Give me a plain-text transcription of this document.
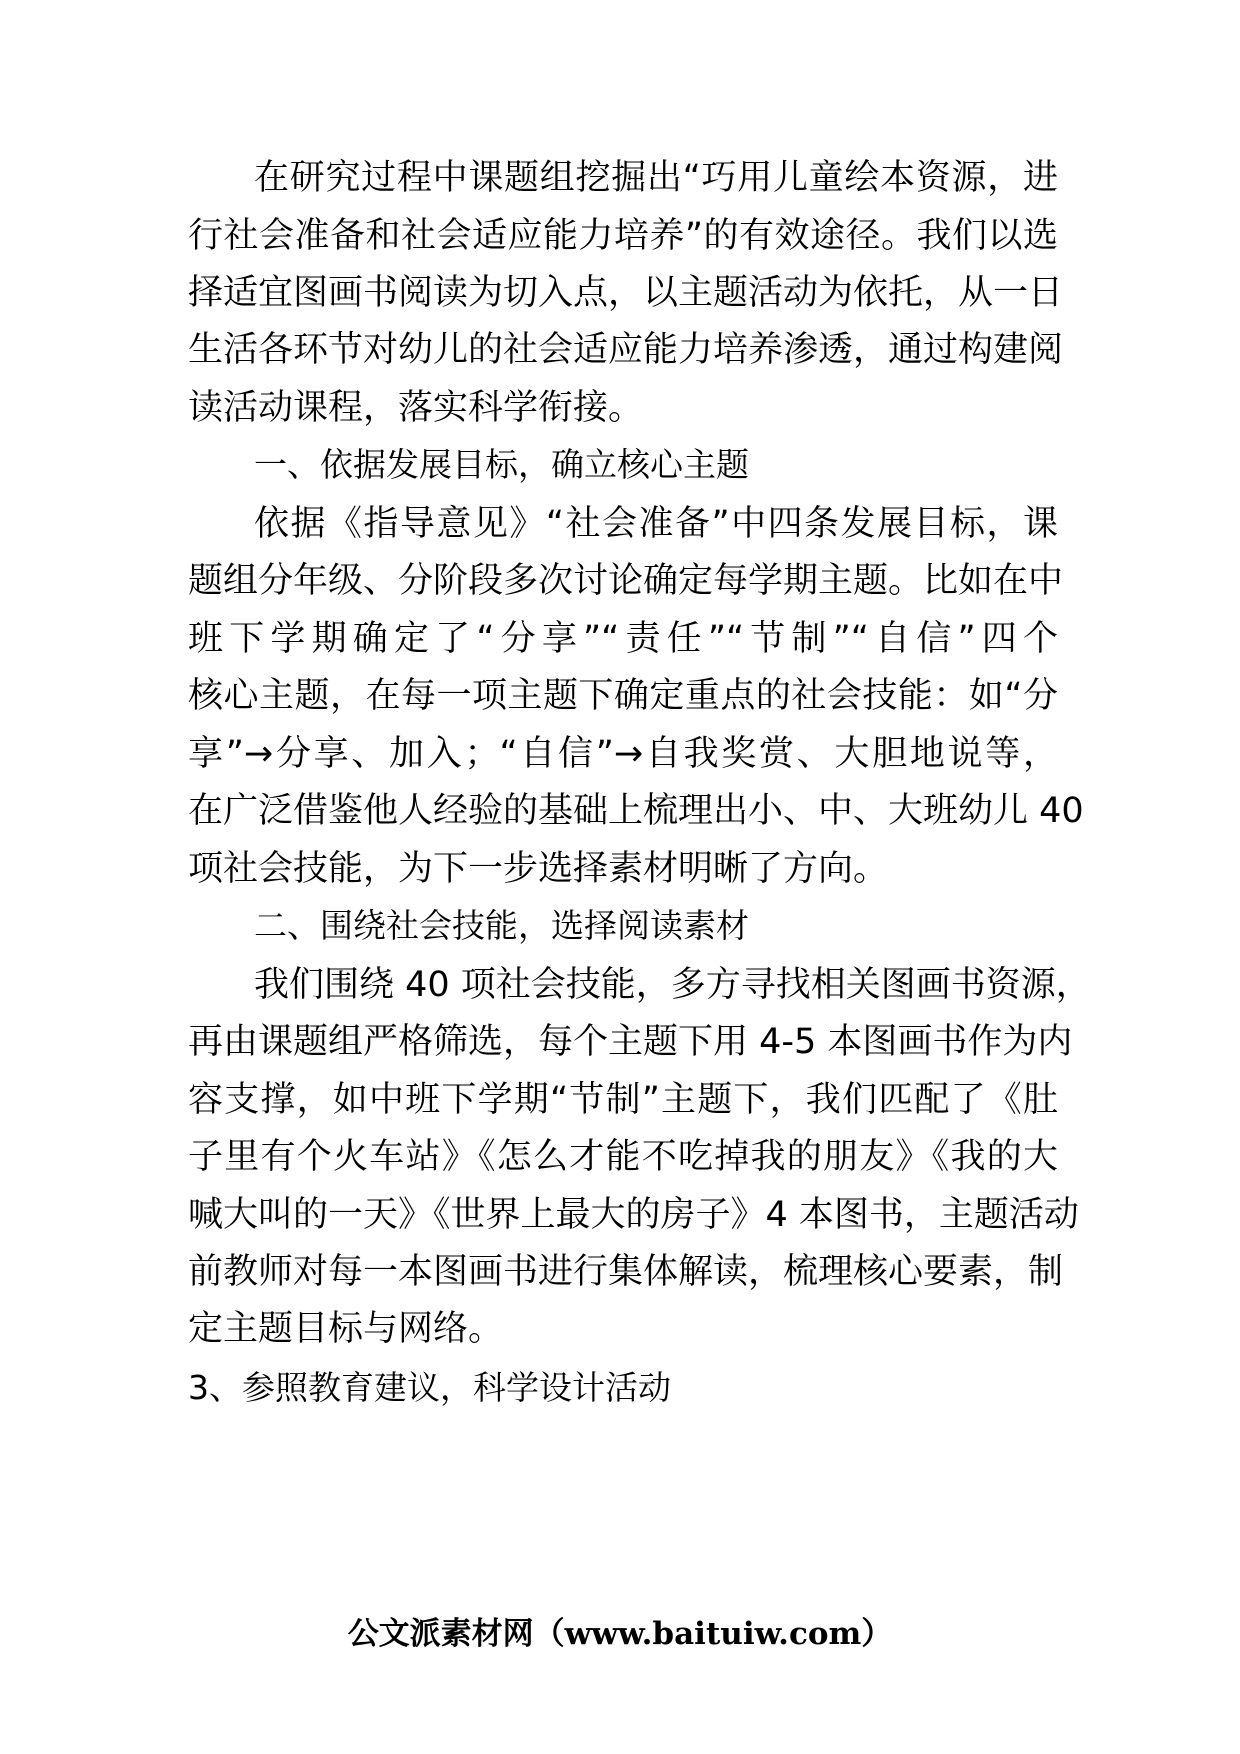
在研究过程中课题组挖掘出“巧用儿童绘本资源，进
行社会准备和社会适应能力培养”的有效途径。我们以选
择适宜图画书阅读为切入点，以主题活动为依托，从一日
生活各环节对幼儿的社会适应能力培养渗透，通过构建阅
读活动课程，落实科学衔接。
一、依据发展目标，确立核心主题
依据《指导意见》“社会准备”中四条发展目标，课
题组分年级、分阶段多次讨论确定每学期主题。比如在中
班下学期确定了“分享”“责任”“节制”“自信”四个
核心主题，在每一项主题下确定重点的社会技能：如“分
享”→分享、加入；“自信”→自我奖赏、大胆地说等，
在广泛借鉴他人经验的基础上梳理出小、中、大班幼儿 40
项社会技能，为下一步选择素材明晰了方向。
二、围绕社会技能，选择阅读素材
我们围绕 40 项社会技能，多方寻找相关图画书资源，
再由课题组严格筛选，每个主题下用 4-5 本图画书作为内
容支撑，如中班下学期“节制”主题下，我们匹配了《肚
子里有个火车站》《怎么才能不吃掉我的朋友》《我的大
喊大叫的一天》《世界上最大的房子》4 本图书，主题活动
前教师对每一本图画书进行集体解读，梳理核心要素，制
定主题目标与网络。
3、参照教育建议，科学设计活动
公文派素材网（www.baituiw.com）
